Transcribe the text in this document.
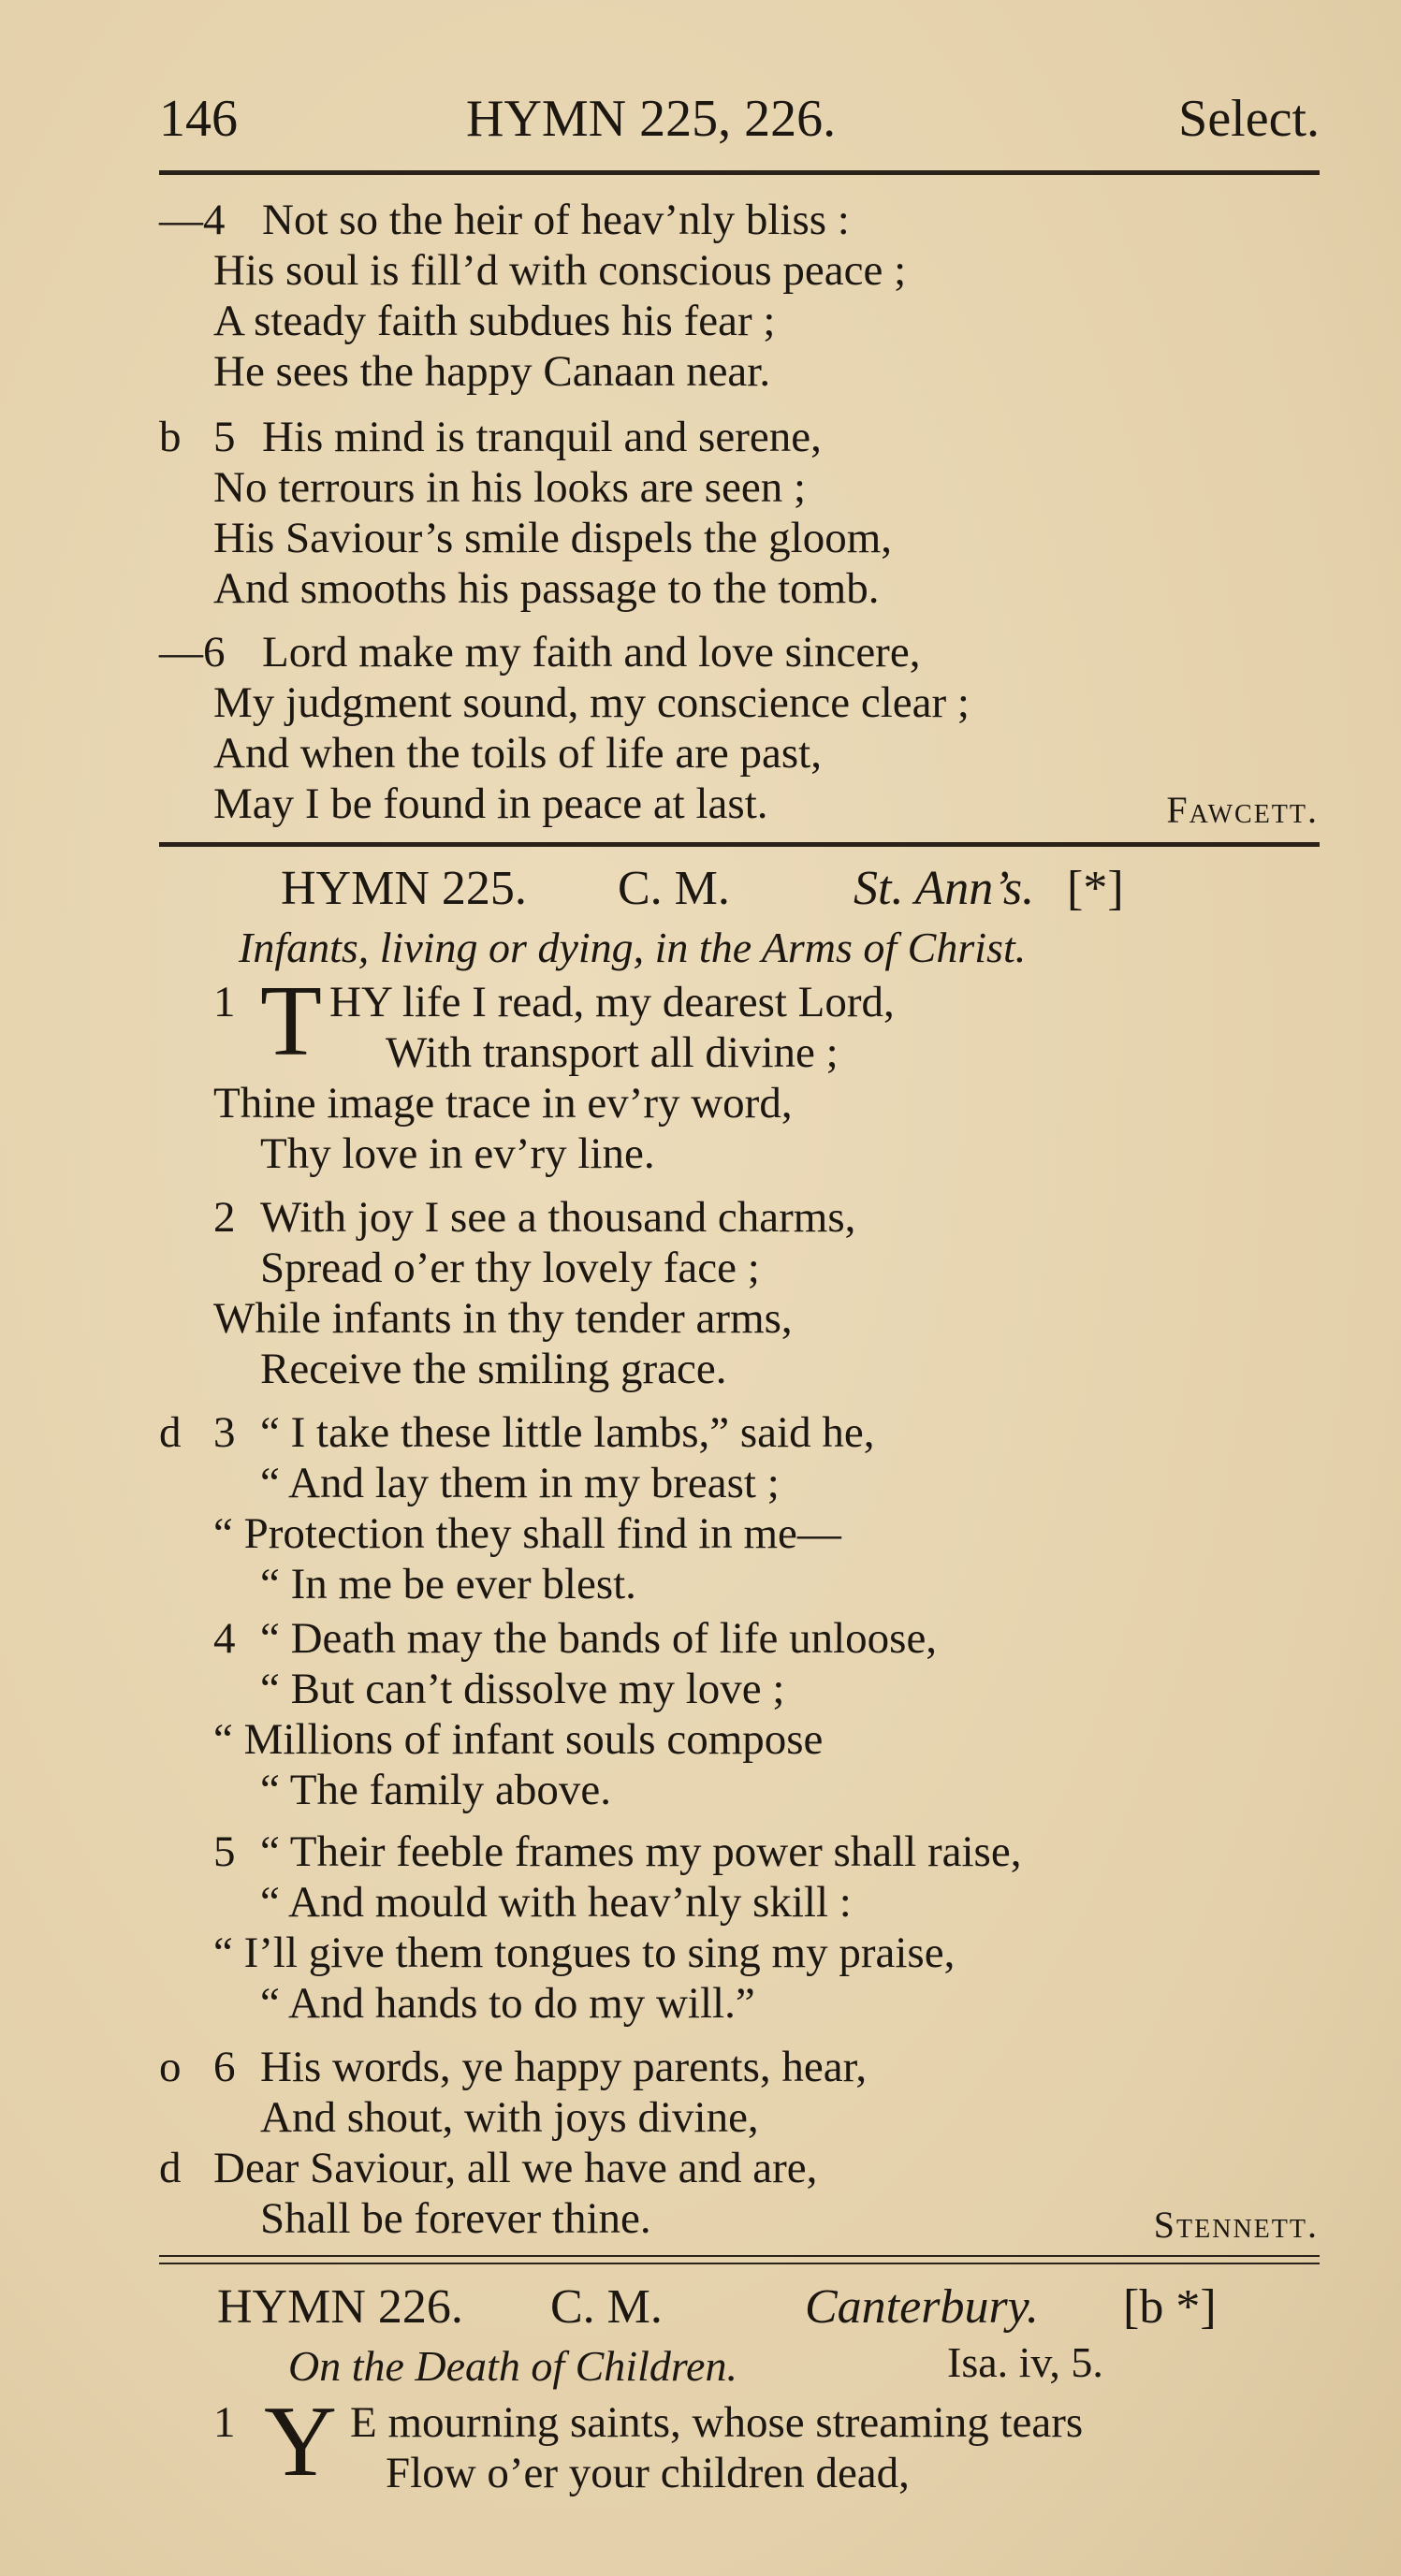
146	HYMN 225, 226.	Select.
—4 Not so the heir of heav’nly bliss :
His soul is fill’d with conscious peace ;
A steady faith subdues his fear ;
He sees the happy Canaan near.
b 5 His mind is tranquil and serene,
No terrours in his looks are seen ;
His Saviour’s smile dispels the gloom,
And smooths his passage to the tomb.
—6 Lord make my faith and love sincere,
My judgment sound, my conscience clear ;
And when the toils of life are past,
May I be found in peace at last.	Fawcett.
HYMN 225. C. M.	St. Ann’s. [*]
Infants, living or dying, in the Arms of Christ.
1 T HY life I read, my dearest Lord,
With transport all divine ;
Thine image trace in ev’ry word,
Thy love in ev’ry line.
2 With joy I see a thousand charms,
Spread o’er thy lovely face ;
While infants in thy tender arms,
Receive the smiling grace.
d 3 “ I take these little lambs,” said he,
“ And lay them in my breast ;
“ Protection they shall find in me—
“ In me be ever blest.
4 “ Death may the bands of life unloose,
“ But can’t dissolve my love ;
“ Millions of infant souls compose
“ The family above.
5 “ Their feeble frames my power shall raise,
“ And mould with heav’nly skill :
“ I’ll give them tongues to sing my praise,
“ And hands to do my will.”
o 6 His words, ye happy parents, hear,
And shout, with joys divine,
d Dear Saviour, all we have and are,
Shall be forever thine.	Stennett.
HYMN 226. C. M.	Canterbury. [b *]
On the Death of Children.	Isa. iv, 5.
1 Y E mourning saints, whose streaming tears
Flow o’er your children dead,
